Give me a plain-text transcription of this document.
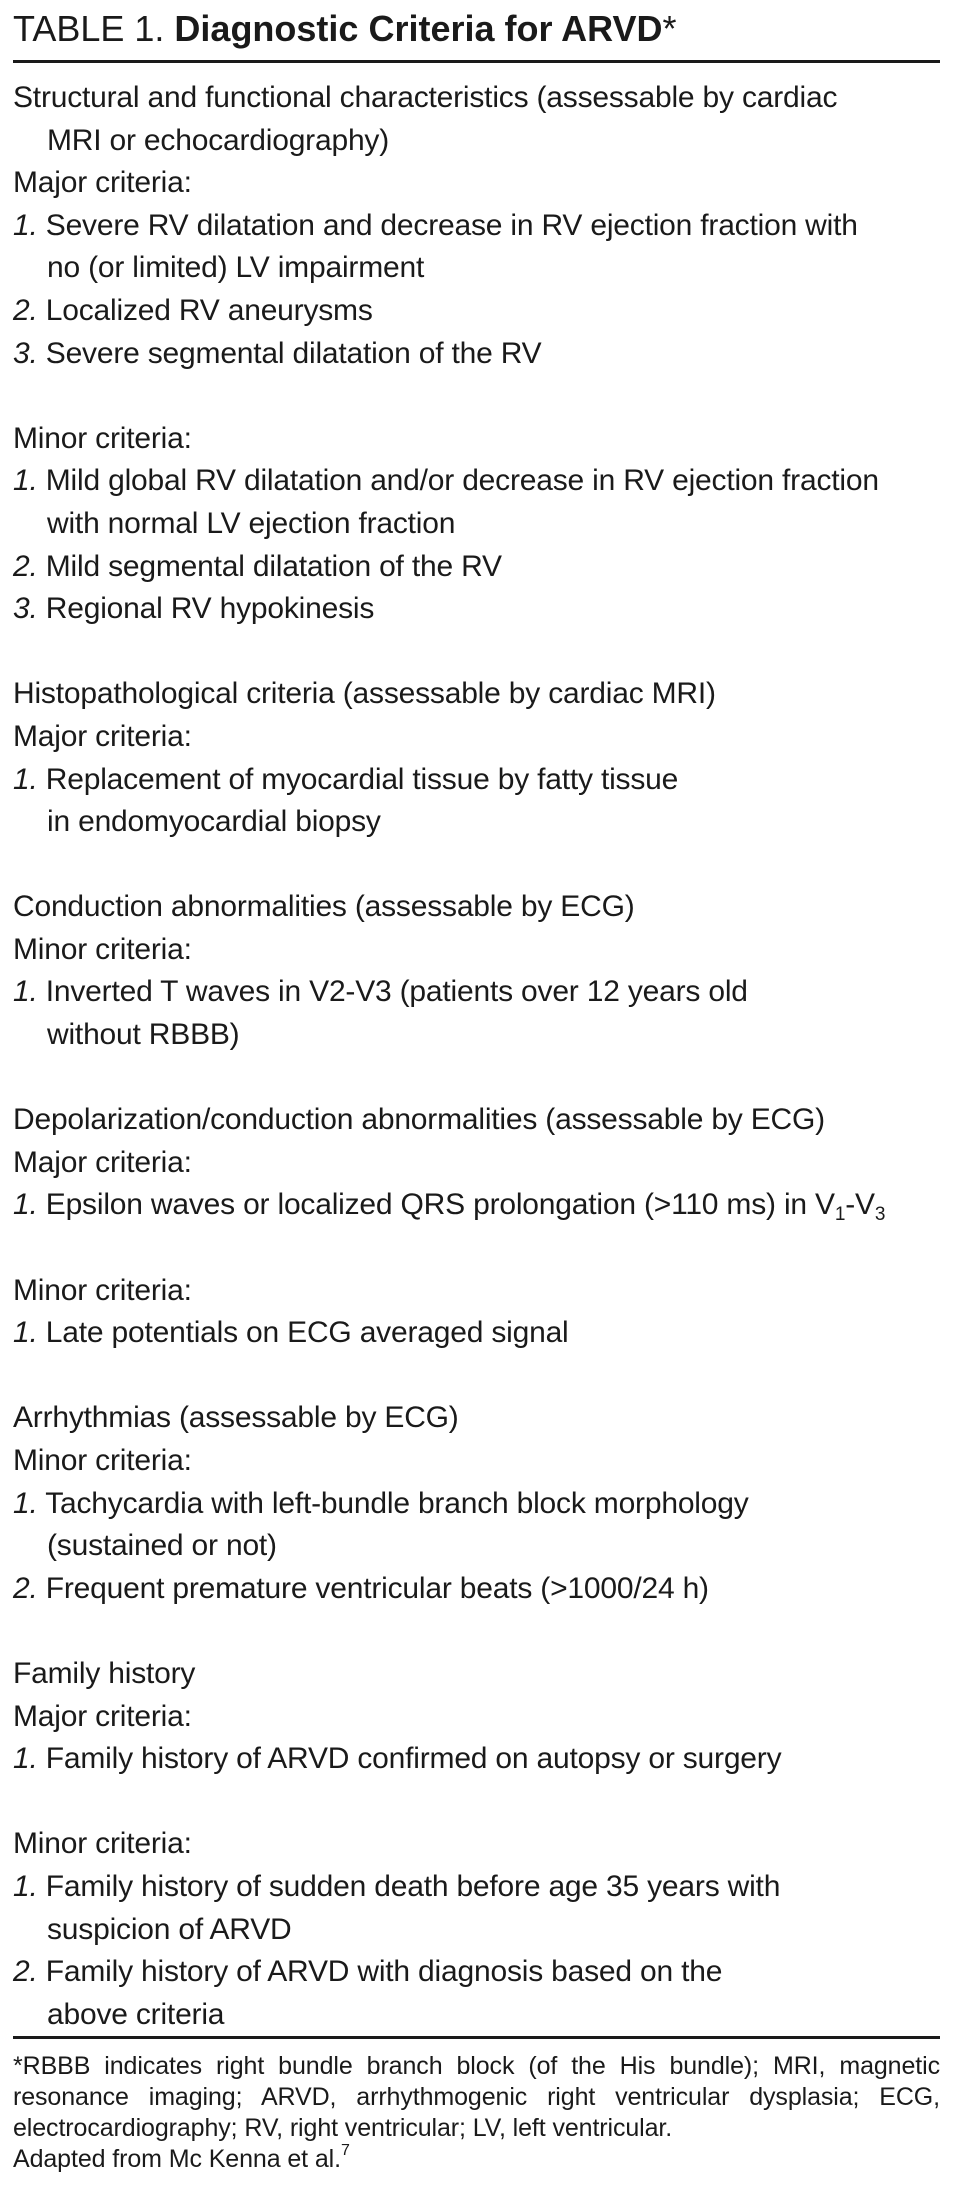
TABLE 1. Diagnostic Criteria for ARVD*
Structural and functional characteristics (assessable by cardiac
MRI or echocardiography)
Major criteria:
1. Severe RV dilatation and decrease in RV ejection fraction with
no (or limited) LV impairment
2. Localized RV aneurysms
3. Severe segmental dilatation of the RV
Minor criteria:
1. Mild global RV dilatation and/or decrease in RV ejection fraction
with normal LV ejection fraction
2. Mild segmental dilatation of the RV
3. Regional RV hypokinesis
Histopathological criteria (assessable by cardiac MRI)
Major criteria:
1. Replacement of myocardial tissue by fatty tissue
in endomyocardial biopsy
Conduction abnormalities (assessable by ECG)
Minor criteria:
1. Inverted T waves in V2-V3 (patients over 12 years old
without RBBB)
Depolarization/conduction abnormalities (assessable by ECG)
Major criteria:
1. Epsilon waves or localized QRS prolongation (>110 ms) in $V_1-V_3$
Minor criteria:
1. Late potentials on ECG averaged signal
Arrhythmias (assessable by ECG)
Minor criteria:
1. Tachycardia with left-bundle branch block morphology
(sustained or not)
2. Frequent premature ventricular beats (>1000/24 h)
Family history
Major criteria:
1. Family history of ARVD confirmed on autopsy or surgery
Minor criteria:
1. Family history of sudden death before age 35 years with
suspicion of ARVD
2. Family history of ARVD with diagnosis based on the
above criteria
*RBBB indicates right bundle branch block (of the His bundle); MRI, magnetic resonance imaging; ARVD, arrhythmogenic right ventricular dysplasia; ECG, electrocardiography; RV, right ventricular; LV, left ventricular.
Adapted from Mc Kenna et al.$^7$
